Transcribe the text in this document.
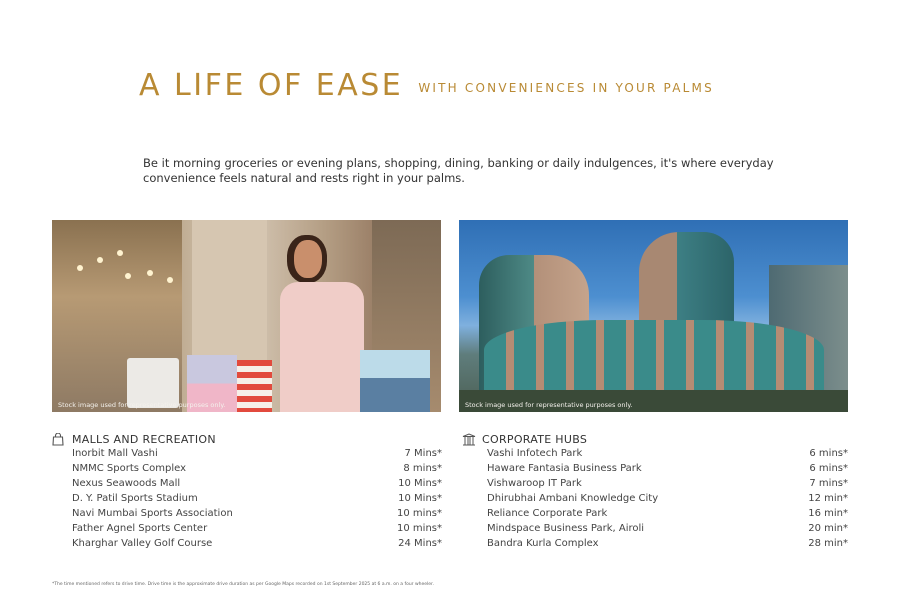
A LIFE OF EASE WITH CONVENIENCES IN YOUR PALMS
Be it morning groceries or evening plans, shopping, dining, banking or daily indulgences, it's where everyday convenience feels natural and rests right in your palms.
Stock image used for representative purposes only.	Stock image used for representative purposes only.
MALLS AND RECREATION
Inorbit Mall Vashi	7 Mins*
NMMC Sports Complex	8 mins*
Nexus Seawoods Mall	10 Mins*
D. Y. Patil Sports Stadium	10 Mins*
Navi Mumbai Sports Association	10 mins*
Father Agnel Sports Center	10 mins*
Kharghar Valley Golf Course	24 Mins*
CORPORATE HUBS
Vashi Infotech Park	6 mins*
Haware Fantasia Business Park	6 mins*
Vishwaroop IT Park	7 mins*
Dhirubhai Ambani Knowledge City	12 min*
Reliance Corporate Park	16 min*
Mindspace Business Park, Airoli	20 min*
Bandra Kurla Complex	28 min*
*The time mentioned refers to drive time. Drive time is the approximate drive duration as per Google Maps recorded on 1st September 2025 at 6 a.m. on a four wheeler.
